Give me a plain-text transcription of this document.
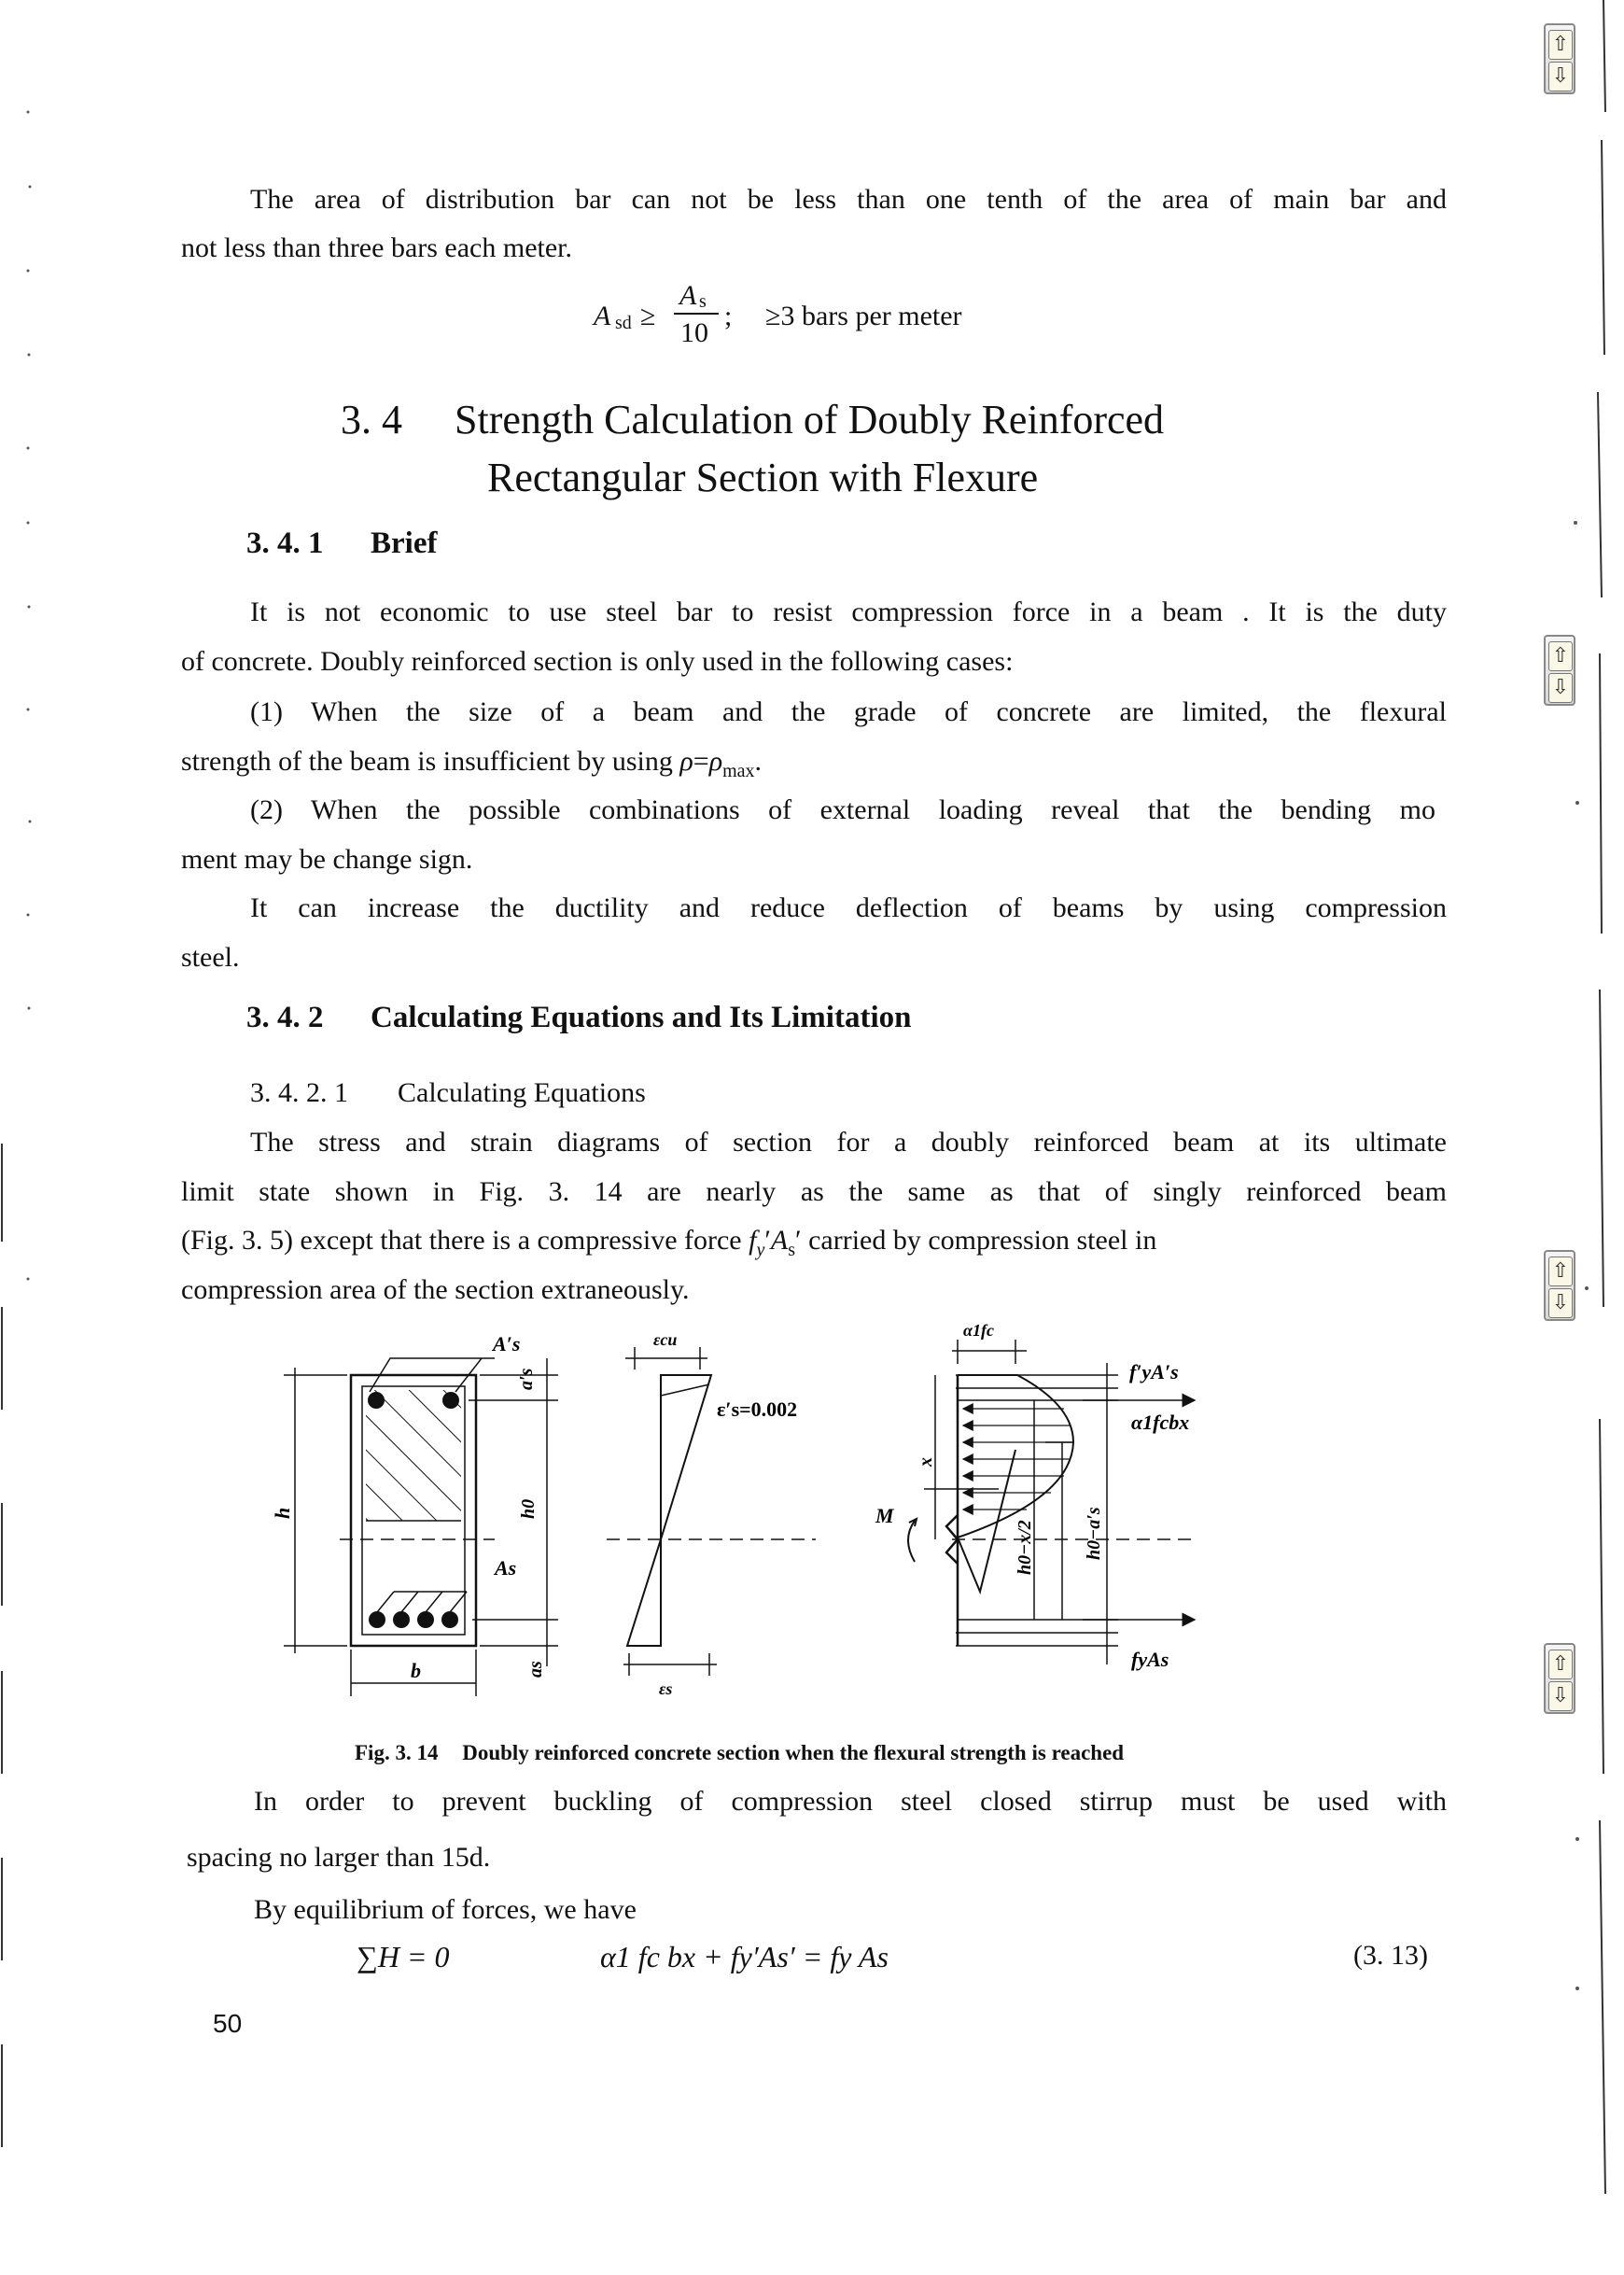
⇧
⇩
⇧
⇩
⇧
⇩
⇧
⇩
The area of distribution bar can not be less than one tenth of the area of main bar and
not less than three bars each meter.
A sd ≥
A s
10
; ≥3 bars per meter
3. 4 Strength Calculation of Doubly Reinforced
Rectangular Section with Flexure
3. 4. 1 Brief
It is not economic to use steel bar to resist compression force in a beam . It is the duty
of concrete. Doubly reinforced section is only used in the following cases:
(1) When the size of a beam and the grade of concrete are limited, the flexural
strength of the beam is insufficient by using $\rho=\rho_{max}$.
(2) When the possible combinations of external loading reveal that the bending mo
ment may be change sign.
It can increase the ductility and reduce deflection of beams by using compression
steel.
3. 4. 2 Calculating Equations and Its Limitation
3. 4. 2. 1 Calculating Equations
The stress and strain diagrams of section for a doubly reinforced beam at its ultimate
limit state shown in Fig. 3. 14 are nearly as the same as that of singly reinforced beam
(Fig. 3. 5) except that there is a compressive force $f_y'A_s'$ carried by compression steel in
compression area of the section extraneously.
A′s
a′s
h0
h
As
as
b
εcu
ε′s=0.002
εs
f′yA′s
α1fcbx
fyAs
α1fc
x
h0−x/2	h0−a′s
M
Fig. 3. 14 Doubly reinforced concrete section when the flexural strength is reached
In order to prevent buckling of compression steel closed stirrup must be used with
spacing no larger than 15d.
By equilibrium of forces, we have
∑H = 0	α1 fc bx + fy′As′ = fy As	(3. 13)
50
